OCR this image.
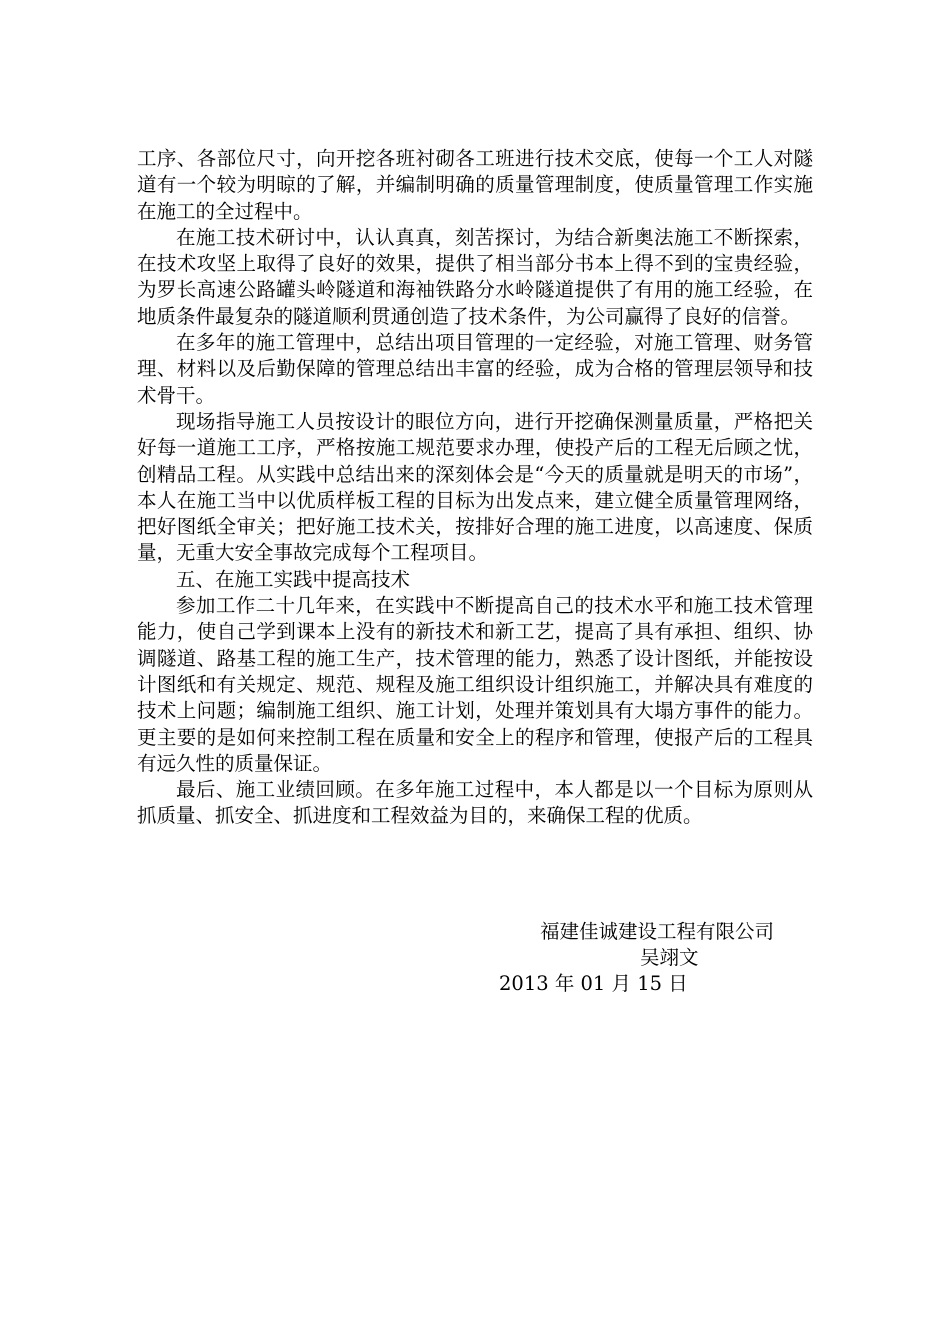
工序、各部位尺寸，向开挖各班衬砌各工班进行技术交底，使每一个工人对隧道有一个较为明晾的了解，并编制明确的质量管理制度，使质量管理工作实施在施工的全过程中。

在施工技术研讨中，认认真真，刻苦探讨，为结合新奥法施工不断探索，在技术攻坚上取得了良好的效果，提供了相当部分书本上得不到的宝贵经验，为罗长高速公路罐头岭隧道和海袖铁路分水岭隧道提供了有用的施工经验，在地质条件最复杂的隧道顺利贯通创造了技术条件，为公司赢得了良好的信誉。

在多年的施工管理中，总结出项目管理的一定经验，对施工管理、财务管理、材料以及后勤保障的管理总结出丰富的经验，成为合格的管理层领导和技术骨干。

现场指导施工人员按设计的眼位方向，进行开挖确保测量质量，严格把关好每一道施工工序，严格按施工规范要求办理，使投产后的工程无后顾之忧，创精品工程。从实践中总结出来的深刻体会是“今天的质量就是明天的市场”，本人在施工当中以优质样板工程的目标为出发点来，建立健全质量管理网络，把好图纸全审关；把好施工技术关，按排好合理的施工进度，以高速度、保质量，无重大安全事故完成每个工程项目。

五、在施工实践中提高技术

参加工作二十几年来，在实践中不断提高自己的技术水平和施工技术管理能力，使自己学到课本上没有的新技术和新工艺，提高了具有承担、组织、协调隧道、路基工程的施工生产，技术管理的能力，熟悉了设计图纸，并能按设计图纸和有关规定、规范、规程及施工组织设计组织施工，并解决具有难度的技术上问题；编制施工组织、施工计划，处理并策划具有大塌方事件的能力。更主要的是如何来控制工程在质量和安全上的程序和管理，使报产后的工程具有远久性的质量保证。

最后、施工业绩回顾。在多年施工过程中，本人都是以一个目标为原则从抓质量、抓安全、抓进度和工程效益为目的，来确保工程的优质。

福建佳诚建设工程有限公司
吴翊文
2013 年 01 月 15 日
